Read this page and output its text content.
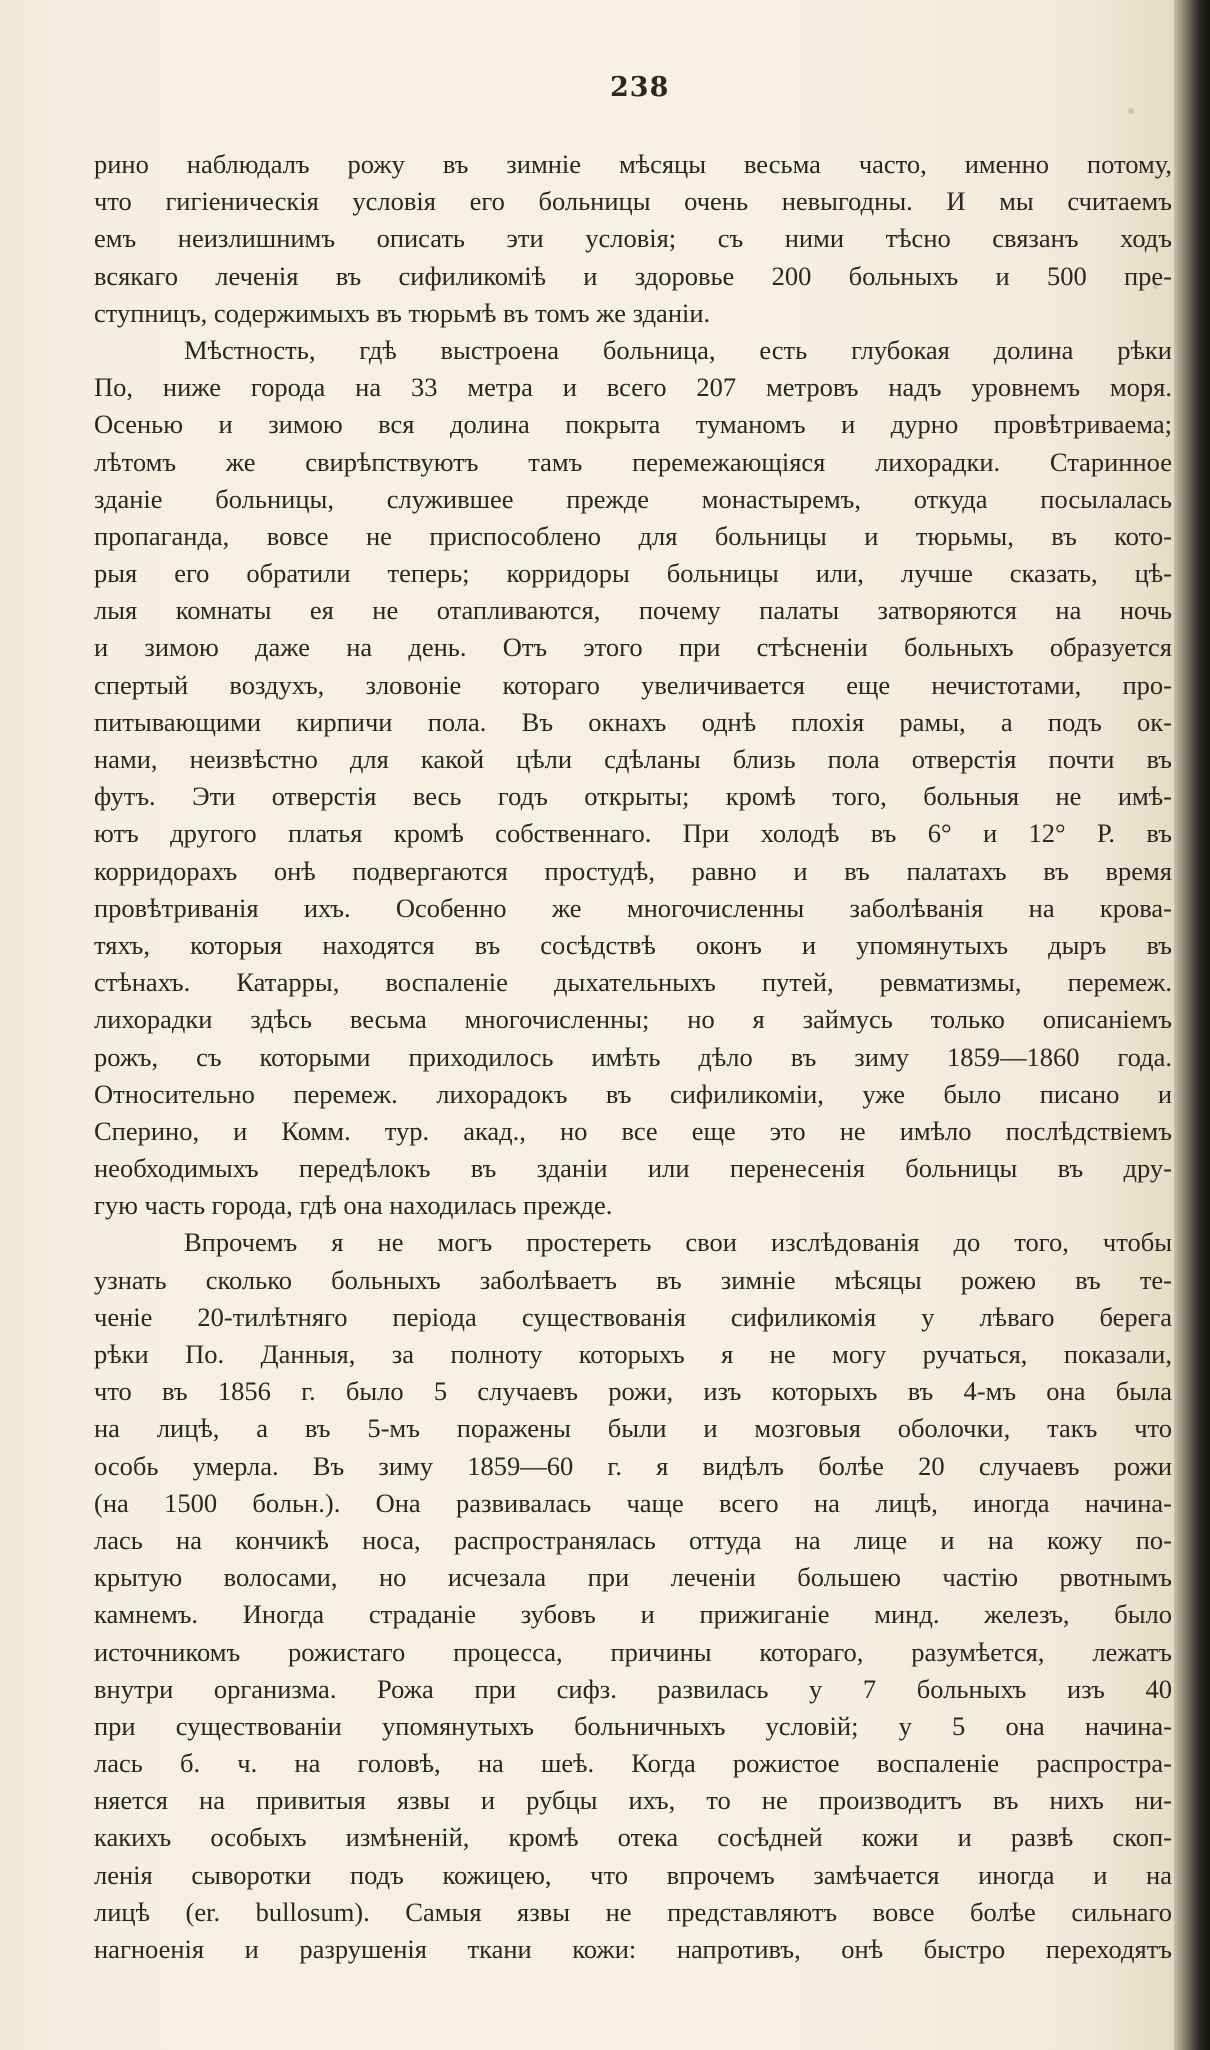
238
рино наблюдалъ рожу въ зимніе мѣсяцы весьма часто, именно потому,
что гигіеническія условія его больницы очень невыгодны. И мы считаемъ
емъ неизлишнимъ описать эти условія; съ ними тѣсно связанъ ходъ
всякаго леченія въ сифиликоміѣ и здоровье 200 больныхъ и 500 пре-
ступницъ, содержимыхъ въ тюрьмѣ въ томъ же зданіи.
Мѣстность, гдѣ выстроена больница, есть глубокая долина рѣки
По, ниже города на 33 метра и всего 207 метровъ надъ уровнемъ моря.
Осенью и зимою вся долина покрыта туманомъ и дурно провѣтриваема;
лѣтомъ же свирѣпствуютъ тамъ перемежающіяся лихорадки. Старинное
зданіе больницы, служившее прежде монастыремъ, откуда посылалась
пропаганда, вовсе не приспособлено для больницы и тюрьмы, въ кото-
рыя его обратили теперь; корридоры больницы или, лучше сказать, цѣ-
лыя комнаты ея не отапливаются, почему палаты затворяются на ночь
и зимою даже на день. Отъ этого при стѣсненіи больныхъ образуется
спертый воздухъ, зловоніе котораго увеличивается еще нечистотами, про-
питывающими кирпичи пола. Въ окнахъ однѣ плохія рамы, а подъ ок-
нами, неизвѣстно для какой цѣли сдѣланы близь пола отверстія почти въ
футъ. Эти отверстія весь годъ открыты; кромѣ того, больныя не имѣ-
ютъ другого платья кромѣ собственнаго. При холодѣ въ 6° и 12° Р. въ
корридорахъ онѣ подвергаются простудѣ, равно и въ палатахъ въ время
провѣтриванія ихъ. Особенно же многочисленны заболѣванія на крова-
тяхъ, которыя находятся въ сосѣдствѣ оконъ и упомянутыхъ дыръ въ
стѣнахъ. Катарры, воспаленіе дыхательныхъ путей, ревматизмы, перемеж.
лихорадки здѣсь весьма многочисленны; но я займусь только описаніемъ
рожъ, съ которыми приходилось имѣть дѣло въ зиму 1859—1860 года.
Относительно перемеж. лихорадокъ въ сифиликоміи, уже было писано и
Сперино, и Комм. тур. акад., но все еще это не имѣло послѣдствіемъ
необходимыхъ передѣлокъ въ зданіи или перенесенія больницы въ дру-
гую часть города, гдѣ она находилась прежде.
Впрочемъ я не могъ простереть свои изслѣдованія до того, чтобы
узнать сколько больныхъ заболѣваетъ въ зимніе мѣсяцы рожею въ те-
ченіе 20-тилѣтняго періода существованія сифиликомія у лѣваго берега
рѣки По. Данныя, за полноту которыхъ я не могу ручаться, показали,
что въ 1856 г. было 5 случаевъ рожи, изъ которыхъ въ 4-мъ она была
на лицѣ, а въ 5-мъ поражены были и мозговыя оболочки, такъ что
особь умерла. Въ зиму 1859—60 г. я видѣлъ болѣе 20 случаевъ рожи
(на 1500 больн.). Она развивалась чаще всего на лицѣ, иногда начина-
лась на кончикѣ носа, распространялась оттуда на лице и на кожу по-
крытую волосами, но исчезала при леченіи большею частію рвотнымъ
камнемъ. Иногда страданіе зубовъ и прижиганіе минд. железъ, было
источникомъ рожистаго процесса, причины котораго, разумѣется, лежатъ
внутри организма. Рожа при сифз. развилась у 7 больныхъ изъ 40
при существованіи упомянутыхъ больничныхъ условій; у 5 она начина-
лась б. ч. на головѣ, на шеѣ. Когда рожистое воспаленіе распростра-
няется на привитыя язвы и рубцы ихъ, то не производитъ въ нихъ ни-
какихъ особыхъ измѣненій, кромѣ отека сосѣдней кожи и развѣ скоп-
ленія сыворотки подъ кожицею, что впрочемъ замѣчается иногда и на
лицѣ (er. bullosum). Самыя язвы не представляютъ вовсе болѣе сильнаго
нагноенія и разрушенія ткани кожи: напротивъ, онѣ быстро переходятъ
